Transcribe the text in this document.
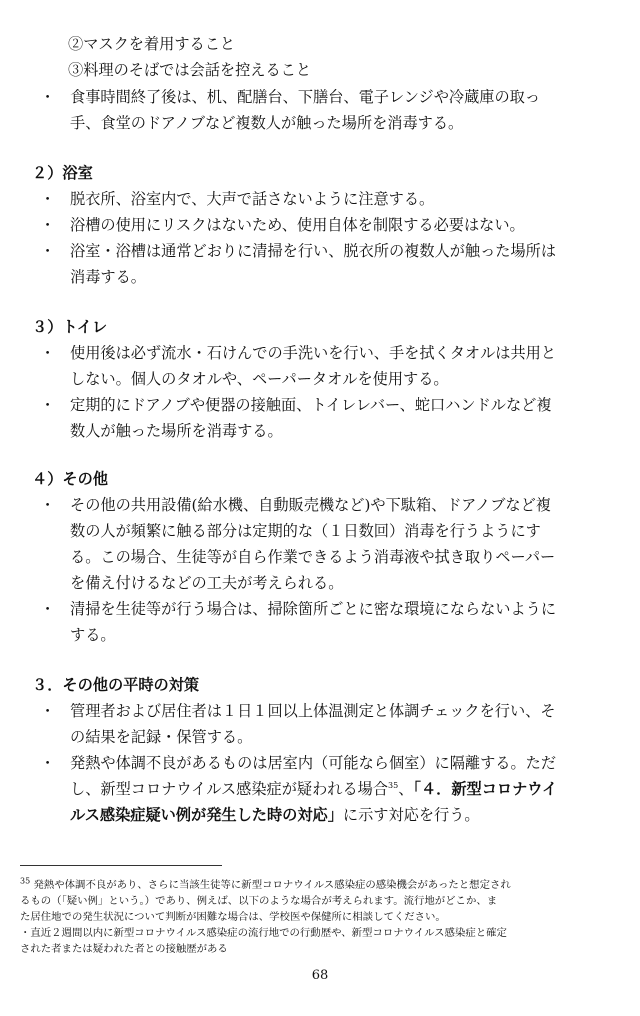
②マスクを着用すること
③料理のそばでは会話を控えること
・ 食事時間終了後は、机、配膳台、下膳台、電子レンジや冷蔵庫の取っ
手、食堂のドアノブなど複数人が触った場所を消毒する。
２）浴室
・ 脱衣所、浴室内で、大声で話さないように注意する。
・ 浴槽の使用にリスクはないため、使用自体を制限する必要はない。
・ 浴室・浴槽は通常どおりに清掃を行い、脱衣所の複数人が触った場所は
消毒する。
３）トイレ
・ 使用後は必ず流水・石けんでの手洗いを行い、手を拭くタオルは共用と
しない。個人のタオルや、ペーパータオルを使用する。
・ 定期的にドアノブや便器の接触面、トイレレバー、蛇口ハンドルなど複
数人が触った場所を消毒する。
４）その他
・ その他の共用設備(給水機、自動販売機など)や下駄箱、ドアノブなど複
数の人が頻繁に触る部分は定期的な（１日数回）消毒を行うようにす
る。この場合、生徒等が自ら作業できるよう消毒液や拭き取りペーパー
を備え付けるなどの工夫が考えられる。
・ 清掃を生徒等が行う場合は、掃除箇所ごとに密な環境にならないように
する。
３．その他の平時の対策
・ 管理者および居住者は１日１回以上体温測定と体調チェックを行い、そ
の結果を記録・保管する。
・ 発熱や体調不良があるものは居室内（可能なら個室）に隔離する。ただ
し、新型コロナウイルス感染症が疑われる場合$^{35}$、「４．新型コロナウイ
ルス感染症疑い例が発生した時の対応」に示す対応を行う。
$^{35}$ 発熱や体調不良があり、さらに当該生徒等に新型コロナウイルス感染症の感染機会があったと想定され
るもの（「疑い例」という。）であり、例えば、以下のような場合が考えられます。流行地がどこか、ま
た居住地での発生状況について判断が困難な場合は、学校医や保健所に相談してください。
・直近２週間以内に新型コロナウイルス感染症の流行地での行動歴や、新型コロナウイルス感染症と確定
された者または疑われた者との接触歴がある
68
